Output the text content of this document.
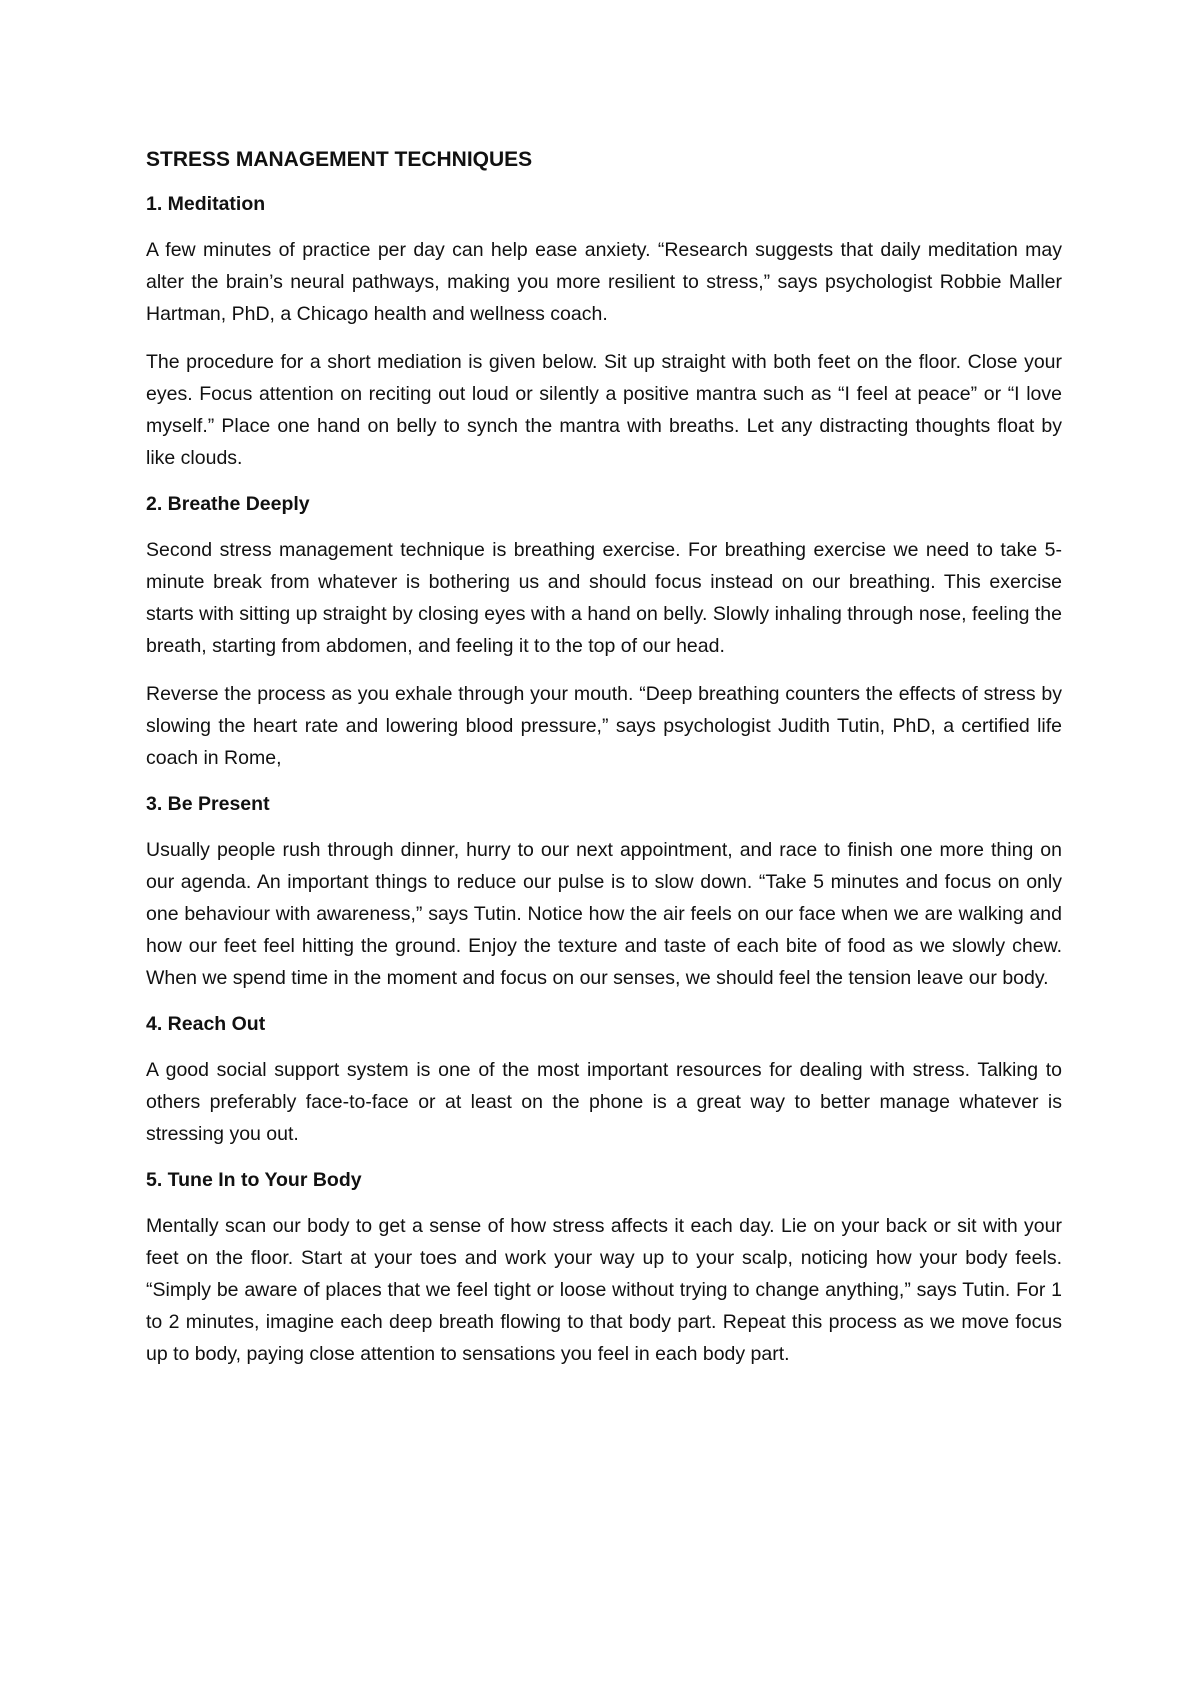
STRESS MANAGEMENT TECHNIQUES
1. Meditation

A few minutes of practice per day can help ease anxiety. “Research suggests that daily meditation may alter the brain’s neural pathways, making you more resilient to stress,” says psychologist Robbie Maller Hartman, PhD, a Chicago health and wellness coach.

The procedure for a short mediation is given below. Sit up straight with both feet on the floor. Close your eyes. Focus attention on reciting out loud or silently a positive mantra such as “I feel at peace” or “I love myself.” Place one hand on belly to synch the mantra with breaths. Let any distracting thoughts float by like clouds.

2. Breathe Deeply

Second stress management technique is breathing exercise. For breathing exercise we need to take 5-minute break from whatever is bothering us and should focus instead on our breathing. This exercise starts with sitting up straight by closing eyes with a hand on belly. Slowly inhaling through nose, feeling the breath, starting from abdomen, and feeling it to the top of our head.

Reverse the process as you exhale through your mouth. “Deep breathing counters the effects of stress by slowing the heart rate and lowering blood pressure,” says psychologist Judith Tutin, PhD, a certified life coach in Rome,

3. Be Present

Usually people rush through dinner, hurry to our next appointment, and race to finish one more thing on our agenda. An important things to reduce our pulse is to slow down. “Take 5 minutes and focus on only one behaviour with awareness,” says Tutin. Notice how the air feels on our face when we are walking and how our feet feel hitting the ground. Enjoy the texture and taste of each bite of food as we slowly chew. When we spend time in the moment and focus on our senses, we should feel the tension leave our body.

4. Reach Out

A good social support system is one of the most important resources for dealing with stress. Talking to others preferably face-to-face or at least on the phone is a great way to better manage whatever is stressing you out.

5. Tune In to Your Body

Mentally scan our body to get a sense of how stress affects it each day. Lie on your back or sit with your feet on the floor. Start at your toes and work your way up to your scalp, noticing how your body feels. “Simply be aware of places that we feel tight or loose without trying to change anything,” says Tutin. For 1 to 2 minutes, imagine each deep breath flowing to that body part. Repeat this process as we move focus up to body, paying close attention to sensations you feel in each body part.
